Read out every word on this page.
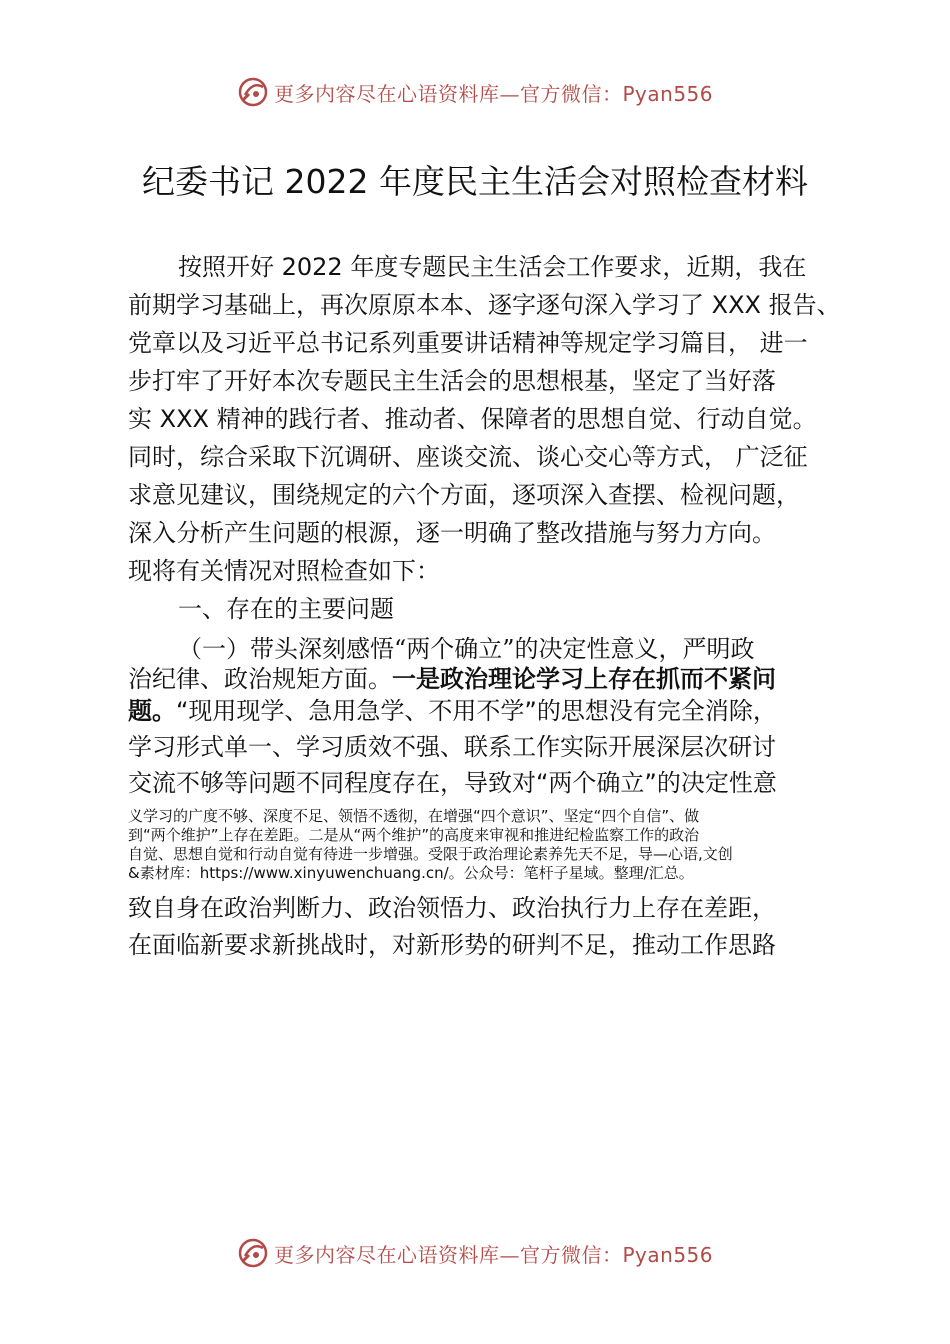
更多内容尽在心语资料库—官方微信：Pyan556
纪委书记 2022 年度民主生活会对照检查材料
按照开好 2022 年度专题民主生活会工作要求，近期，我在
前期学习基础上，再次原原本本、逐字逐句深入学习了 XXX 报告、
党章以及习近平总书记系列重要讲话精神等规定学习篇目， 进一
步打牢了开好本次专题民主生活会的思想根基，坚定了当好落
实 XXX 精神的践行者、推动者、保障者的思想自觉、行动自觉。
同时，综合采取下沉调研、座谈交流、谈心交心等方式， 广泛征
求意见建议，围绕规定的六个方面，逐项深入查摆、检视问题，
深入分析产生问题的根源，逐一明确了整改措施与努力方向。
现将有关情况对照检查如下：
一、存在的主要问题
（一）带头深刻感悟“两个确立”的决定性意义，严明政
治纪律、政治规矩方面。一是政治理论学习上存在抓而不紧问
题。“现用现学、急用急学、不用不学”的思想没有完全消除，
学习形式单一、学习质效不强、联系工作实际开展深层次研讨
交流不够等问题不同程度存在，导致对“两个确立”的决定性意
义学习的广度不够、深度不足、领悟不透彻，在增强“四个意识”、坚定“四个自信”、做
到“两个维护”上存在差距。二是从“两个维护”的高度来审视和推进纪检监察工作的政治
自觉、思想自觉和行动自觉有待进一步增强。受限于政治理论素养先天不足，导—心语,文创
&素材库：https://www.xinyuwenchuang.cn/。公众号：笔杆子星域。整理/汇总。
致自身在政治判断力、政治领悟力、政治执行力上存在差距，
在面临新要求新挑战时，对新形势的研判不足，推动工作思路
更多内容尽在心语资料库—官方微信：Pyan556
